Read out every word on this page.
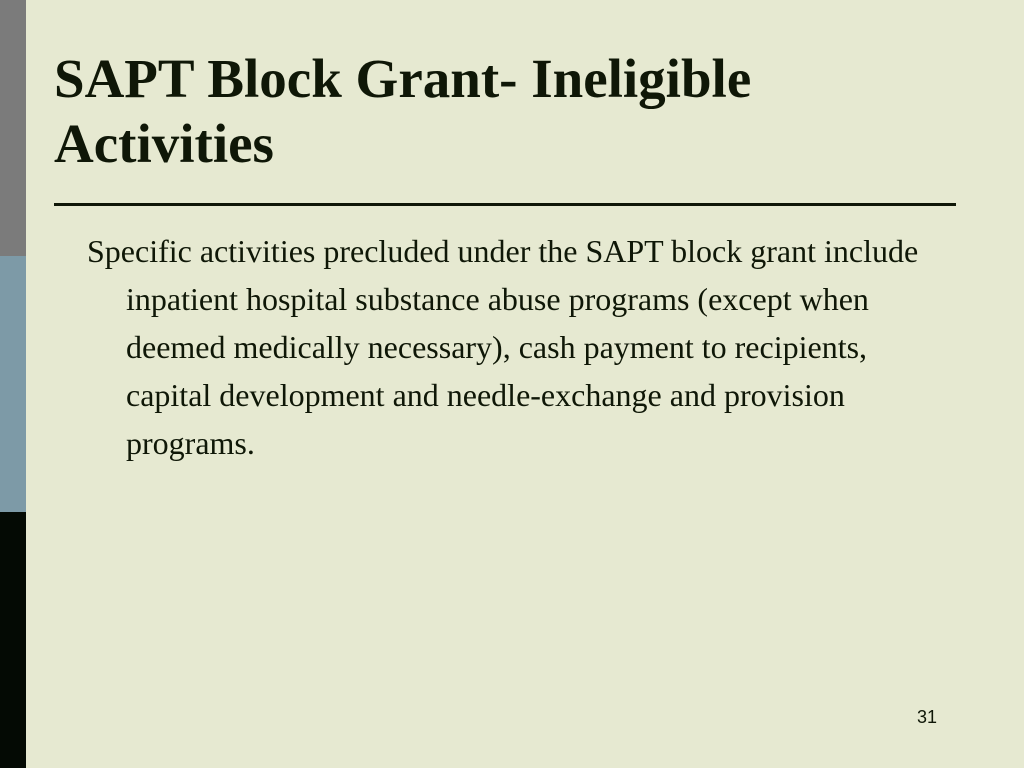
SAPT Block Grant- Ineligible Activities

Specific activities precluded under the SAPT block grant include inpatient hospital substance abuse programs (except when deemed medically necessary), cash payment to recipients, capital development and needle-exchange and provision programs.

31
